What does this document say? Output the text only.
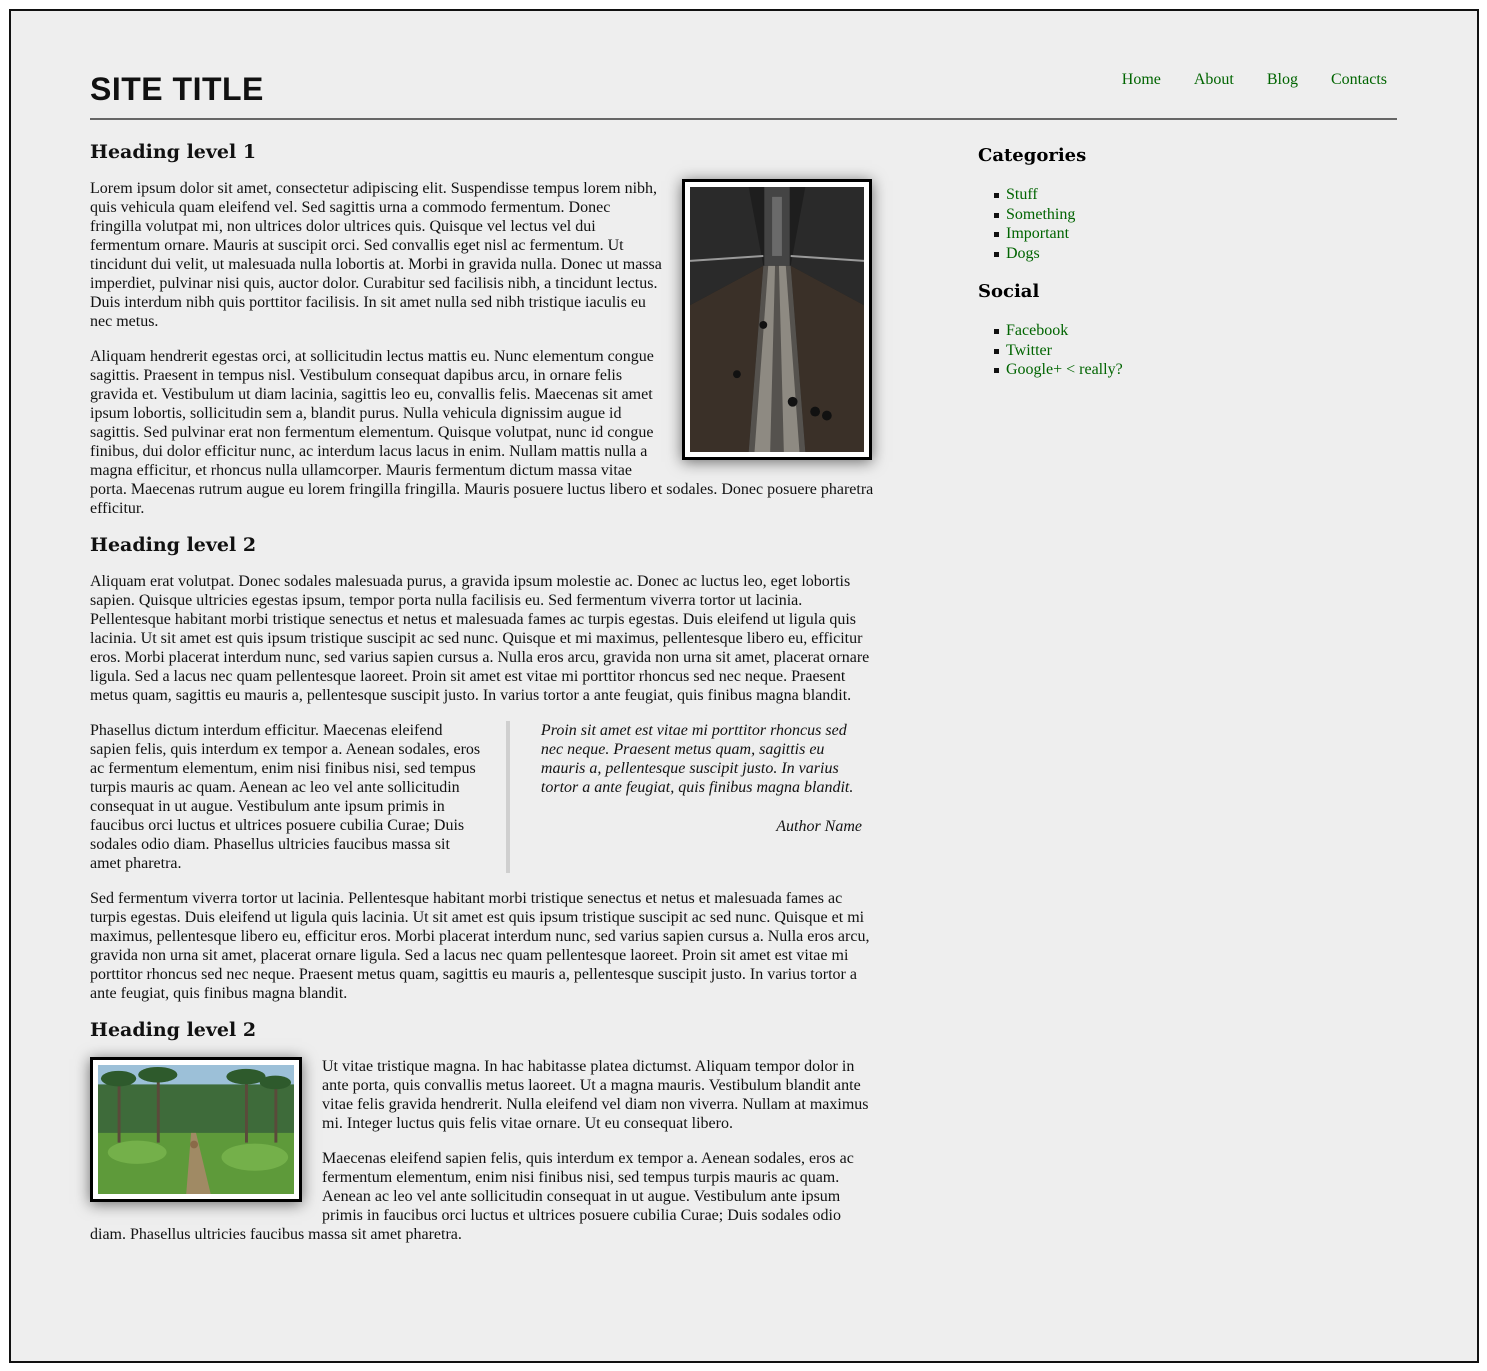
SITE TITLE	Home About Blog Contacts
Heading level 1

Lorem ipsum dolor sit amet, consectetur adipiscing elit. Suspendisse tempus lorem nibh, quis vehicula quam eleifend vel. Sed sagittis urna a commodo fermentum. Donec fringilla volutpat mi, non ultrices dolor ultrices quis. Quisque vel lectus vel dui fermentum ornare. Mauris at suscipit orci. Sed convallis eget nisl ac fermentum. Ut tincidunt dui velit, ut malesuada nulla lobortis at. Morbi in gravida nulla. Donec ut massa imperdiet, pulvinar nisi quis, auctor dolor. Curabitur sed facilisis nibh, a tincidunt lectus. Duis interdum nibh quis porttitor facilisis. In sit amet nulla sed nibh tristique iaculis eu nec metus.

Aliquam hendrerit egestas orci, at sollicitudin lectus mattis eu. Nunc elementum congue sagittis. Praesent in tempus nisl. Vestibulum consequat dapibus arcu, in ornare felis gravida et. Vestibulum ut diam lacinia, sagittis leo eu, convallis felis. Maecenas sit amet ipsum lobortis, sollicitudin sem a, blandit purus. Nulla vehicula dignissim augue id sagittis. Sed pulvinar erat non fermentum elementum. Quisque volutpat, nunc id congue finibus, dui dolor efficitur nunc, ac interdum lacus lacus in enim. Nullam mattis nulla a magna efficitur, et rhoncus nulla ullamcorper. Mauris fermentum dictum massa vitae porta. Maecenas rutrum augue eu lorem fringilla fringilla. Mauris posuere luctus libero et sodales. Donec posuere pharetra efficitur.

Heading level 2

Aliquam erat volutpat. Donec sodales malesuada purus, a gravida ipsum molestie ac. Donec ac luctus leo, eget lobortis sapien. Quisque ultricies egestas ipsum, tempor porta nulla facilisis eu. Sed fermentum viverra tortor ut lacinia. Pellentesque habitant morbi tristique senectus et netus et malesuada fames ac turpis egestas. Duis eleifend ut ligula quis lacinia. Ut sit amet est quis ipsum tristique suscipit ac sed nunc. Quisque et mi maximus, pellentesque libero eu, efficitur eros. Morbi placerat interdum nunc, sed varius sapien cursus a. Nulla eros arcu, gravida non urna sit amet, placerat ornare ligula. Sed a lacus nec quam pellentesque laoreet. Proin sit amet est vitae mi porttitor rhoncus sed nec neque. Praesent metus quam, sagittis eu mauris a, pellentesque suscipit justo. In varius tortor a ante feugiat, quis finibus magna blandit.

Phasellus dictum interdum efficitur. Maecenas eleifend sapien felis, quis interdum ex tempor a. Aenean sodales, eros ac fermentum elementum, enim nisi finibus nisi, sed tempus turpis mauris ac quam. Aenean ac leo vel ante sollicitudin consequat in ut augue. Vestibulum ante ipsum primis in faucibus orci luctus et ultrices posuere cubilia Curae; Duis sodales odio diam. Phasellus ultricies faucibus massa sit amet pharetra.

Proin sit amet est vitae mi porttitor rhoncus sed nec neque. Praesent metus quam, sagittis eu mauris a, pellentesque suscipit justo. In varius tortor a ante feugiat, quis finibus magna blandit.

Author Name

Sed fermentum viverra tortor ut lacinia. Pellentesque habitant morbi tristique senectus et netus et malesuada fames ac turpis egestas. Duis eleifend ut ligula quis lacinia. Ut sit amet est quis ipsum tristique suscipit ac sed nunc. Quisque et mi maximus, pellentesque libero eu, efficitur eros. Morbi placerat interdum nunc, sed varius sapien cursus a. Nulla eros arcu, gravida non urna sit amet, placerat ornare ligula. Sed a lacus nec quam pellentesque laoreet. Proin sit amet est vitae mi porttitor rhoncus sed nec neque. Praesent metus quam, sagittis eu mauris a, pellentesque suscipit justo. In varius tortor a ante feugiat, quis finibus magna blandit.

Heading level 2

Ut vitae tristique magna. In hac habitasse platea dictumst. Aliquam tempor dolor in ante porta, quis convallis metus laoreet. Ut a magna mauris. Vestibulum blandit ante vitae felis gravida hendrerit. Nulla eleifend vel diam non viverra. Nullam at maximus mi. Integer luctus quis felis vitae ornare. Ut eu consequat libero.

Maecenas eleifend sapien felis, quis interdum ex tempor a. Aenean sodales, eros ac fermentum elementum, enim nisi finibus nisi, sed tempus turpis mauris ac quam. Aenean ac leo vel ante sollicitudin consequat in ut augue. Vestibulum ante ipsum primis in faucibus orci luctus et ultrices posuere cubilia Curae; Duis sodales odio diam. Phasellus ultricies faucibus massa sit amet pharetra.

Categories
Stuff
Something
Important
Dogs
Social
Facebook
Twitter
Google+ < really?
